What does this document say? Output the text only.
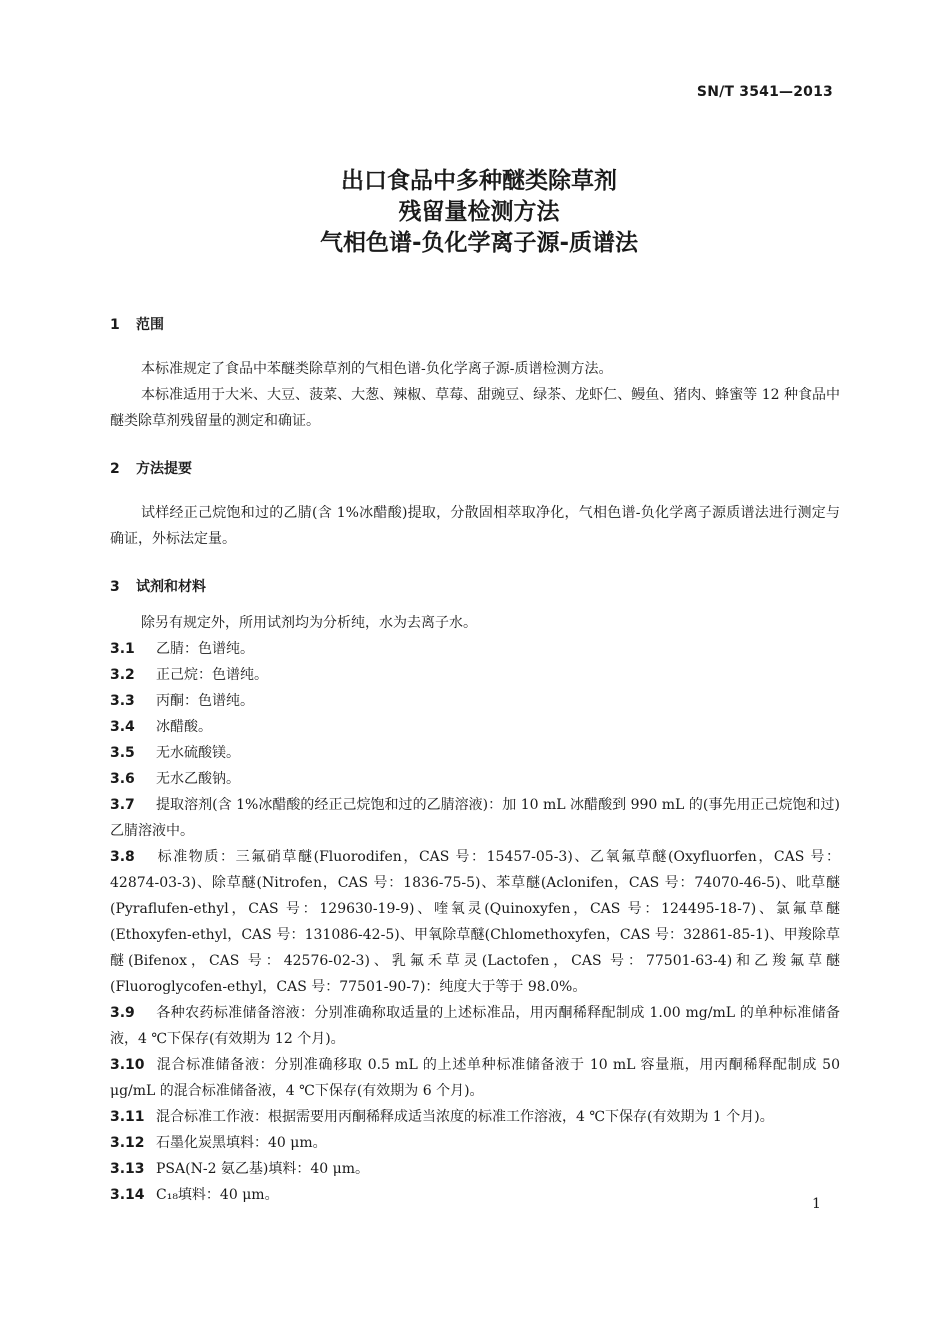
SN/T 3541—2013
出口食品中多种醚类除草剂
残留量检测方法
气相色谱-负化学离子源-质谱法
1 范围
本标准规定了食品中苯醚类除草剂的气相色谱-负化学离子源-质谱检测方法。
本标准适用于大米、大豆、菠菜、大葱、辣椒、草莓、甜豌豆、绿茶、龙虾仁、鳗鱼、猪肉、蜂蜜等 12 种食品中醚类除草剂残留量的测定和确证。
2 方法提要
试样经正己烷饱和过的乙腈(含 1%冰醋酸)提取，分散固相萃取净化，气相色谱-负化学离子源质谱法进行测定与确证，外标法定量。
3 试剂和材料
除另有规定外，所用试剂均为分析纯，水为去离子水。
3.1 乙腈：色谱纯。
3.2 正己烷：色谱纯。
3.3 丙酮：色谱纯。
3.4 冰醋酸。
3.5 无水硫酸镁。
3.6 无水乙酸钠。
3.7 提取溶剂(含 1%冰醋酸的经正己烷饱和过的乙腈溶液)：加 10 mL 冰醋酸到 990 mL 的(事先用正己烷饱和过)乙腈溶液中。
3.8 标准物质：三氟硝草醚(Fluorodifen，CAS 号：15457-05-3)、乙氧氟草醚(Oxyfluorfen，CAS 号：42874-03-3)、除草醚(Nitrofen，CAS 号：1836-75-5)、苯草醚(Aclonifen，CAS 号：74070-46-5)、吡草醚(Pyraflufen-ethyl，CAS 号：129630-19-9)、喹氧灵(Quinoxyfen，CAS 号：124495-18-7)、氯氟草醚(Ethoxyfen-ethyl，CAS 号：131086-42-5)、甲氧除草醚(Chlomethoxyfen，CAS 号：32861-85-1)、甲羧除草醚(Bifenox，CAS 号：42576-02-3)、乳氟禾草灵(Lactofen，CAS 号：77501-63-4)和乙羧氟草醚(Fluoroglycofen-ethyl，CAS 号：77501-90-7)：纯度大于等于 98.0%。
3.9 各种农药标准储备溶液：分别准确称取适量的上述标准品，用丙酮稀释配制成 1.00 mg/mL 的单种标准储备液，4 ℃下保存(有效期为 12 个月)。
3.10 混合标准储备液：分别准确移取 0.5 mL 的上述单种标准储备液于 10 mL 容量瓶，用丙酮稀释配制成 50 μg/mL 的混合标准储备液，4 ℃下保存(有效期为 6 个月)。
3.11 混合标准工作液：根据需要用丙酮稀释成适当浓度的标准工作溶液，4 ℃下保存(有效期为 1 个月)。
3.12 石墨化炭黑填料：40 μm。
3.13 PSA(N-2 氨乙基)填料：40 μm。
3.14 C₁₈填料：40 μm。
1
